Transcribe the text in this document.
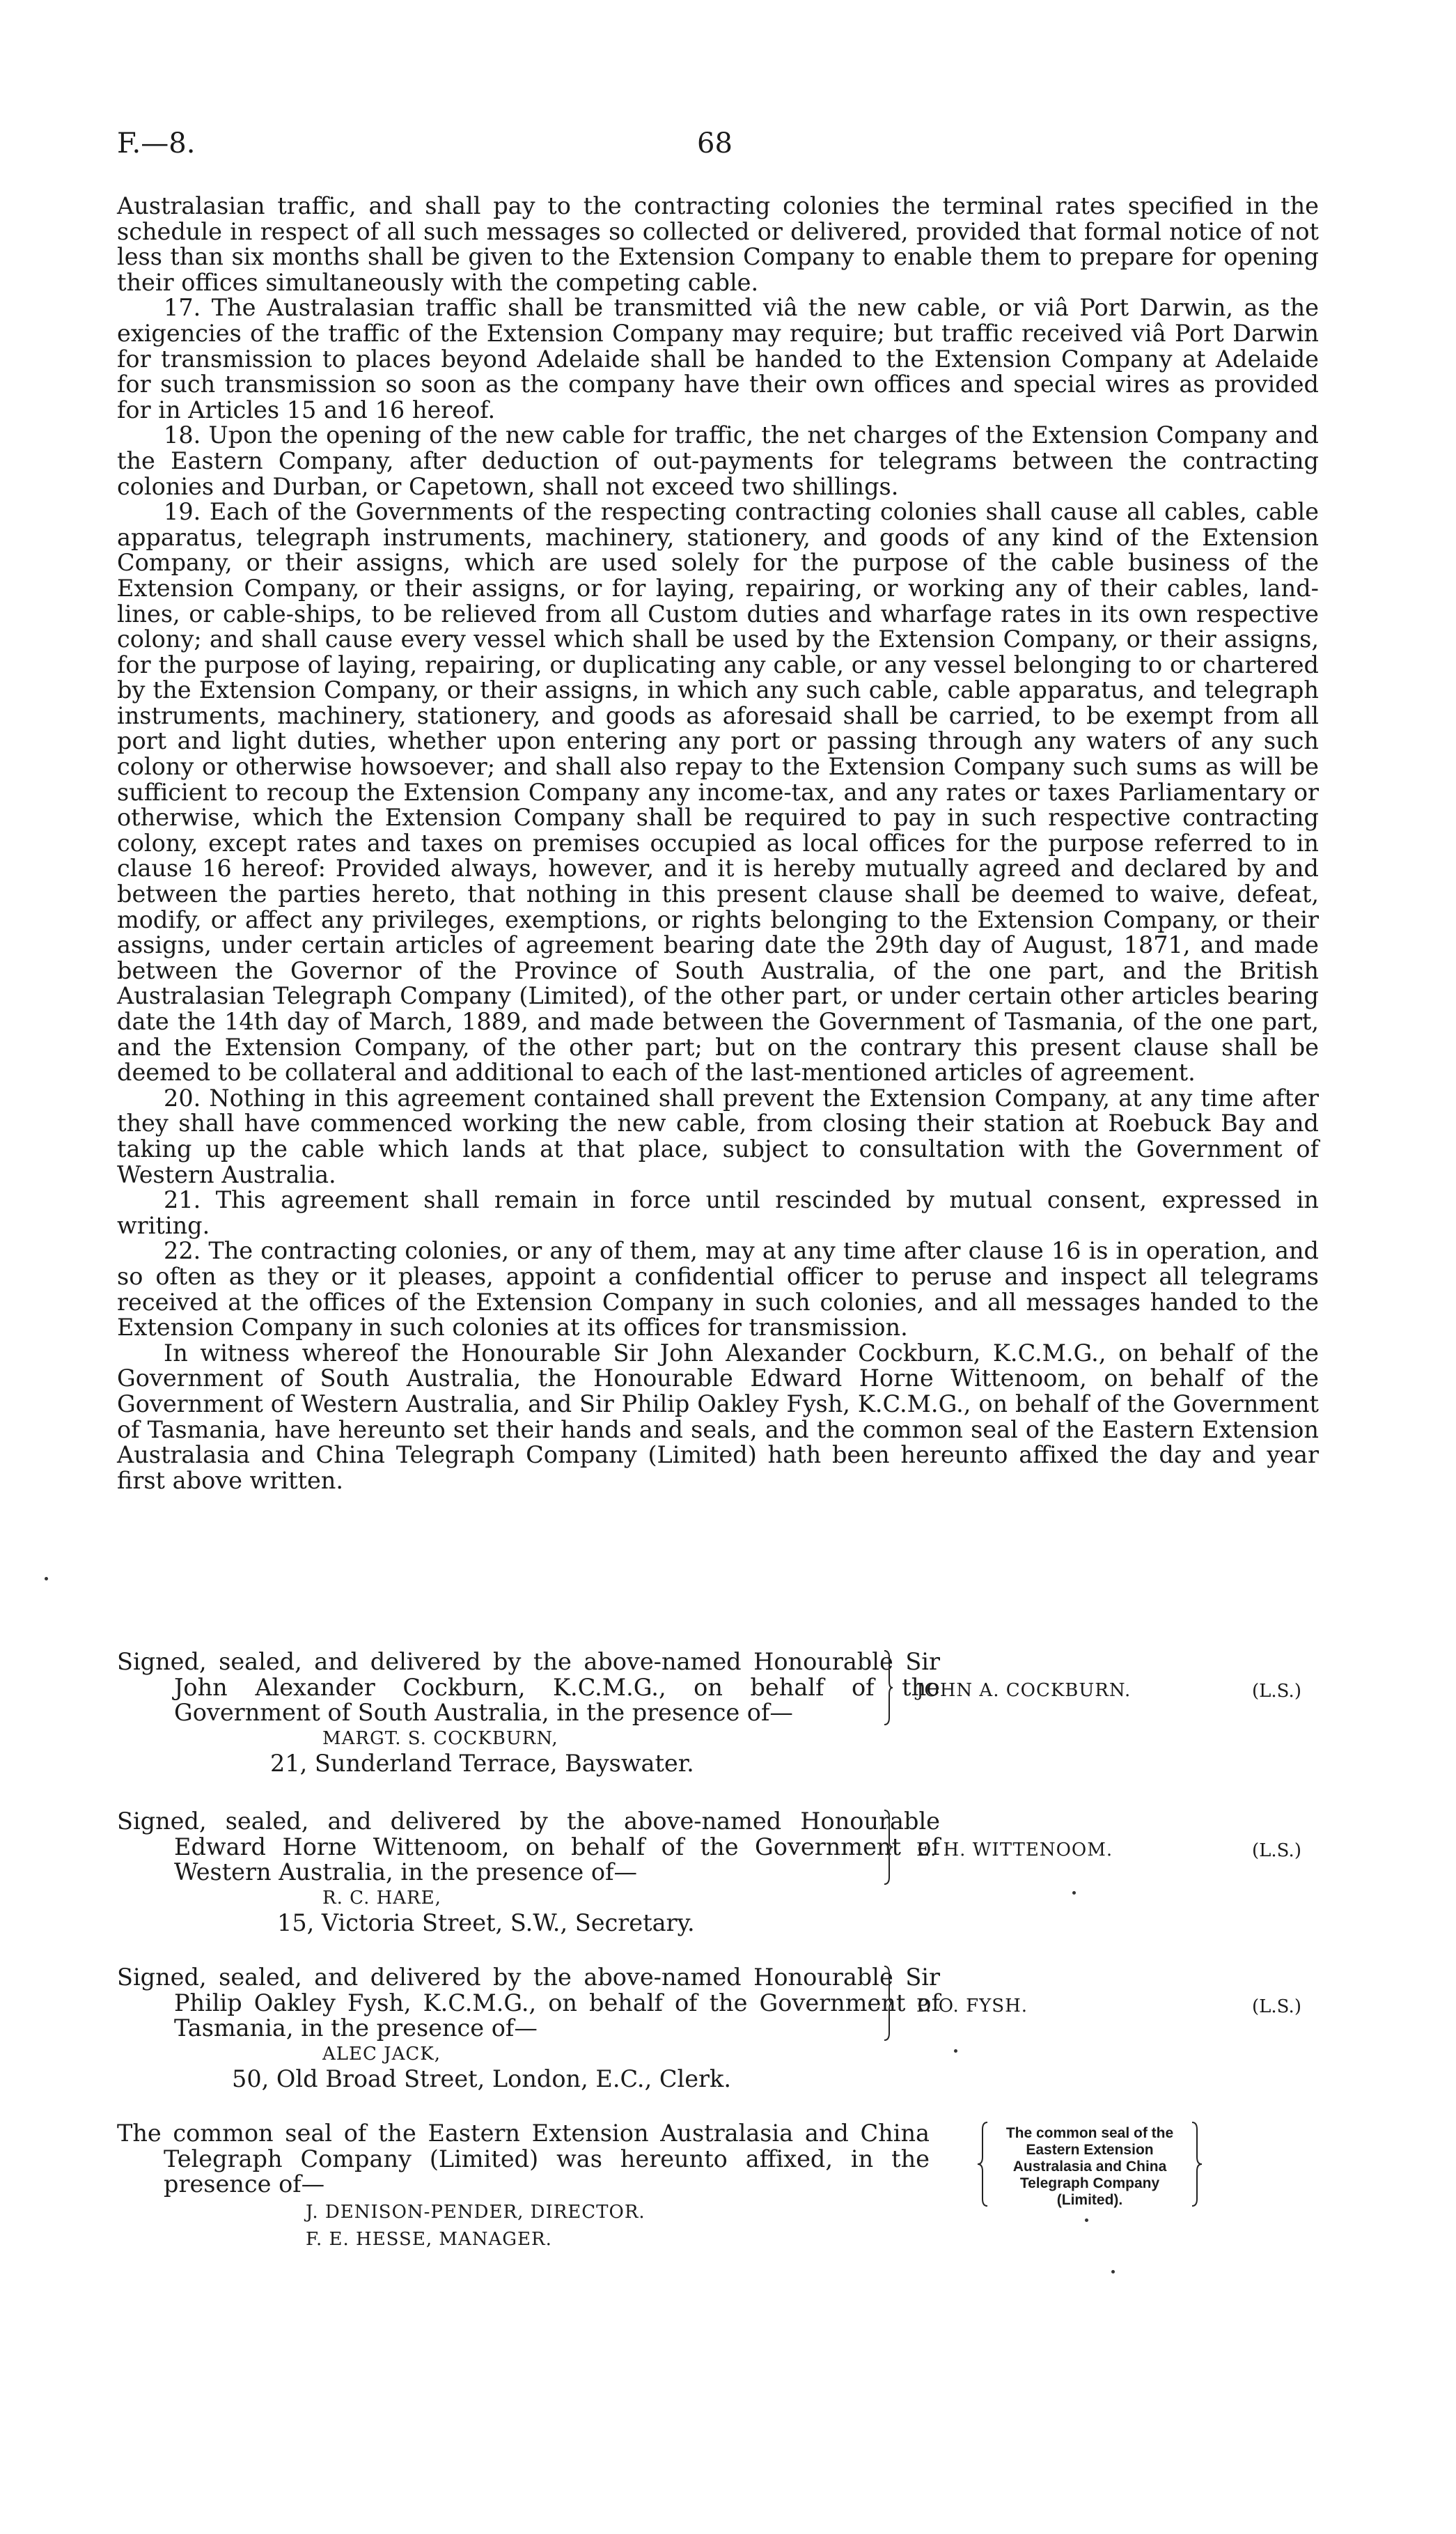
F.—8.	68

Australasian traffic, and shall pay to the contracting colonies the terminal rates specified in the schedule in respect of all such messages so collected or delivered, provided that formal notice of not less than six months shall be given to the Extension Company to enable them to prepare for opening their offices simultaneously with the competing cable.

17. The Australasian traffic shall be transmitted viâ the new cable, or viâ Port Darwin, as the exigencies of the traffic of the Extension Company may require; but traffic received viâ Port Darwin for transmission to places beyond Adelaide shall be handed to the Extension Company at Adelaide for such transmission so soon as the company have their own offices and special wires as provided for in Articles 15 and 16 hereof.

18. Upon the opening of the new cable for traffic, the net charges of the Extension Company and the Eastern Company, after deduction of out-payments for telegrams between the contracting colonies and Durban, or Capetown, shall not exceed two shillings.

19. Each of the Governments of the respecting contracting colonies shall cause all cables, cable apparatus, telegraph instruments, machinery, stationery, and goods of any kind of the Extension Company, or their assigns, which are used solely for the purpose of the cable business of the Extension Company, or their assigns, or for laying, repairing, or working any of their cables, land-lines, or cable-ships, to be relieved from all Custom duties and wharfage rates in its own respective colony; and shall cause every vessel which shall be used by the Extension Company, or their assigns, for the purpose of laying, repairing, or duplicating any cable, or any vessel belonging to or chartered by the Extension Company, or their assigns, in which any such cable, cable apparatus, and telegraph instruments, machinery, stationery, and goods as aforesaid shall be carried, to be exempt from all port and light duties, whether upon entering any port or passing through any waters of any such colony or otherwise howsoever; and shall also repay to the Extension Company such sums as will be sufficient to recoup the Extension Company any income-tax, and any rates or taxes Parliamentary or otherwise, which the Extension Company shall be required to pay in such respective contracting colony, except rates and taxes on premises occupied as local offices for the purpose referred to in clause 16 hereof: Provided always, however, and it is hereby mutually agreed and declared by and between the parties hereto, that nothing in this present clause shall be deemed to waive, defeat, modify, or affect any privileges, exemptions, or rights belonging to the Extension Company, or their assigns, under certain articles of agreement bearing date the 29th day of August, 1871, and made between the Governor of the Province of South Australia, of the one part, and the British Australasian Telegraph Company (Limited), of the other part, or under certain other articles bearing date the 14th day of March, 1889, and made between the Government of Tasmania, of the one part, and the Extension Company, of the other part; but on the contrary this present clause shall be deemed to be collateral and additional to each of the last-mentioned articles of agreement.

20. Nothing in this agreement contained shall prevent the Extension Company, at any time after they shall have commenced working the new cable, from closing their station at Roebuck Bay and taking up the cable which lands at that place, subject to consultation with the Government of Western Australia.

21. This agreement shall remain in force until rescinded by mutual consent, expressed in writing.

22. The contracting colonies, or any of them, may at any time after clause 16 is in operation, and so often as they or it pleases, appoint a confidential officer to peruse and inspect all telegrams received at the offices of the Extension Company in such colonies, and all messages handed to the Extension Company in such colonies at its offices for transmission.

In witness whereof the Honourable Sir John Alexander Cockburn, K.C.M.G., on behalf of the Government of South Australia, the Honourable Edward Horne Wittenoom, on behalf of the Government of Western Australia, and Sir Philip Oakley Fysh, K.C.M.G., on behalf of the Government of Tasmania, have hereunto set their hands and seals, and the common seal of the Eastern Extension Australasia and China Telegraph Company (Limited) hath been hereunto affixed the day and year first above written.

Signed, sealed, and delivered by the above-named Honourable Sir John Alexander Cockburn, K.C.M.G., on behalf of the Government of South Australia, in the presence of—
MARGT. S. COCKBURN,
21, Sunderland Terrace, Bayswater.
JOHN A. COCKBURN.	(L.S.)
Signed, sealed, and delivered by the above-named Honourable Edward Horne Wittenoom, on behalf of the Government of Western Australia, in the presence of—
R. C. HARE,
15, Victoria Street, S.W., Secretary.
E. H. WITTENOOM.	(L.S.)
Signed, sealed, and delivered by the above-named Honourable Sir Philip Oakley Fysh, K.C.M.G., on behalf of the Government of Tasmania, in the presence of—
ALEC JACK,
50, Old Broad Street, London, E.C., Clerk.
P. O. FYSH.	(L.S.)
The common seal of the Eastern Extension Australasia and China Telegraph Company (Limited) was hereunto affixed, in the presence of—
J. DENISON-PENDER, DIRECTOR.
F. E. HESSE, MANAGER.
The common seal of the Eastern Extension Australasia and China Telegraph Company (Limited).
